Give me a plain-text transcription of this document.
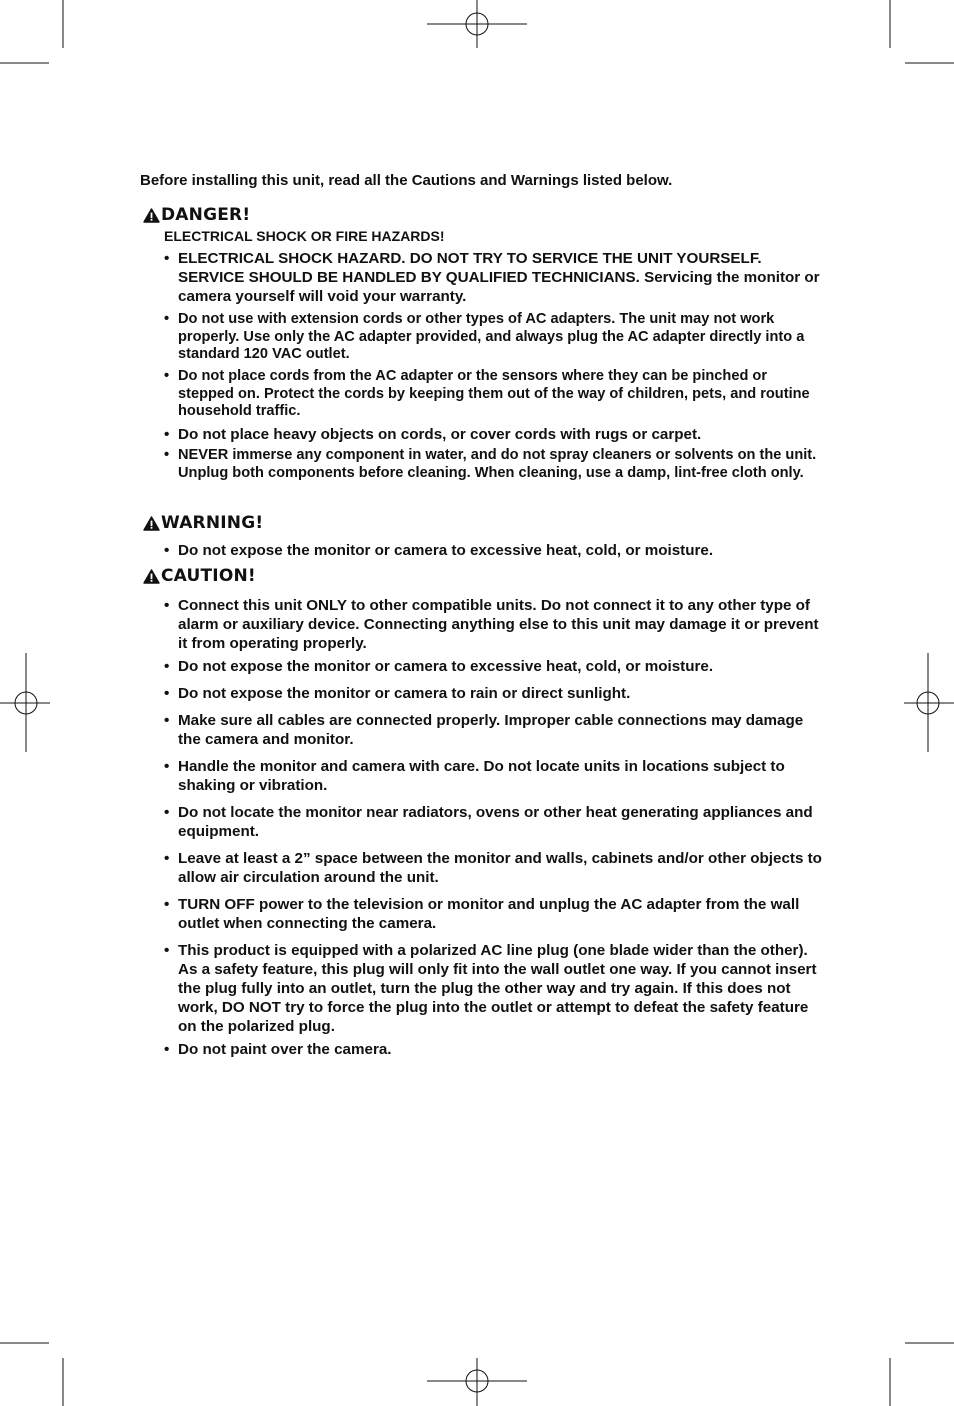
Before installing this unit, read all the Cautions and Warnings listed below.
DANGER!
ELECTRICAL SHOCK OR FIRE HAZARDS!
• ELECTRICAL SHOCK HAZARD. DO NOT TRY TO SERVICE THE UNIT YOURSELF. SERVICE SHOULD BE HANDLED BY QUALIFIED TECHNICIANS. Servicing the monitor or camera yourself will void your warranty.
• Do not use with extension cords or other types of AC adapters. The unit may not work properly. Use only the AC adapter provided, and always plug the AC adapter directly into a standard 120 VAC outlet.
• Do not place cords from the AC adapter or the sensors where they can be pinched or stepped on. Protect the cords by keeping them out of the way of children, pets, and routine household traffic.
• Do not place heavy objects on cords, or cover cords with rugs or carpet.
• NEVER immerse any component in water, and do not spray cleaners or solvents on the unit. Unplug both components before cleaning. When cleaning, use a damp, lint-free cloth only.
WARNING!
• Do not expose the monitor or camera to excessive heat, cold, or moisture.
CAUTION!
• Connect this unit ONLY to other compatible units. Do not connect it to any other type of alarm or auxiliary device. Connecting anything else to this unit may damage it or prevent it from operating properly.
• Do not expose the monitor or camera to excessive heat, cold, or moisture.
• Do not expose the monitor or camera to rain or direct sunlight.
• Make sure all cables are connected properly. Improper cable connections may damage the camera and monitor.
• Handle the monitor and camera with care. Do not locate units in locations subject to shaking or vibration.
• Do not locate the monitor near radiators, ovens or other heat generating appliances and equipment.
• Leave at least a 2” space between the monitor and walls, cabinets and/or other objects to allow air circulation around the unit.
• TURN OFF power to the television or monitor and unplug the AC adapter from the wall outlet when connecting the camera.
• This product is equipped with a polarized AC line plug (one blade wider than the other). As a safety feature, this plug will only fit into the wall outlet one way. If you cannot insert the plug fully into an outlet, turn the plug the other way and try again. If this does not work, DO NOT try to force the plug into the outlet or attempt to defeat the safety feature on the polarized plug.
• Do not paint over the camera.
